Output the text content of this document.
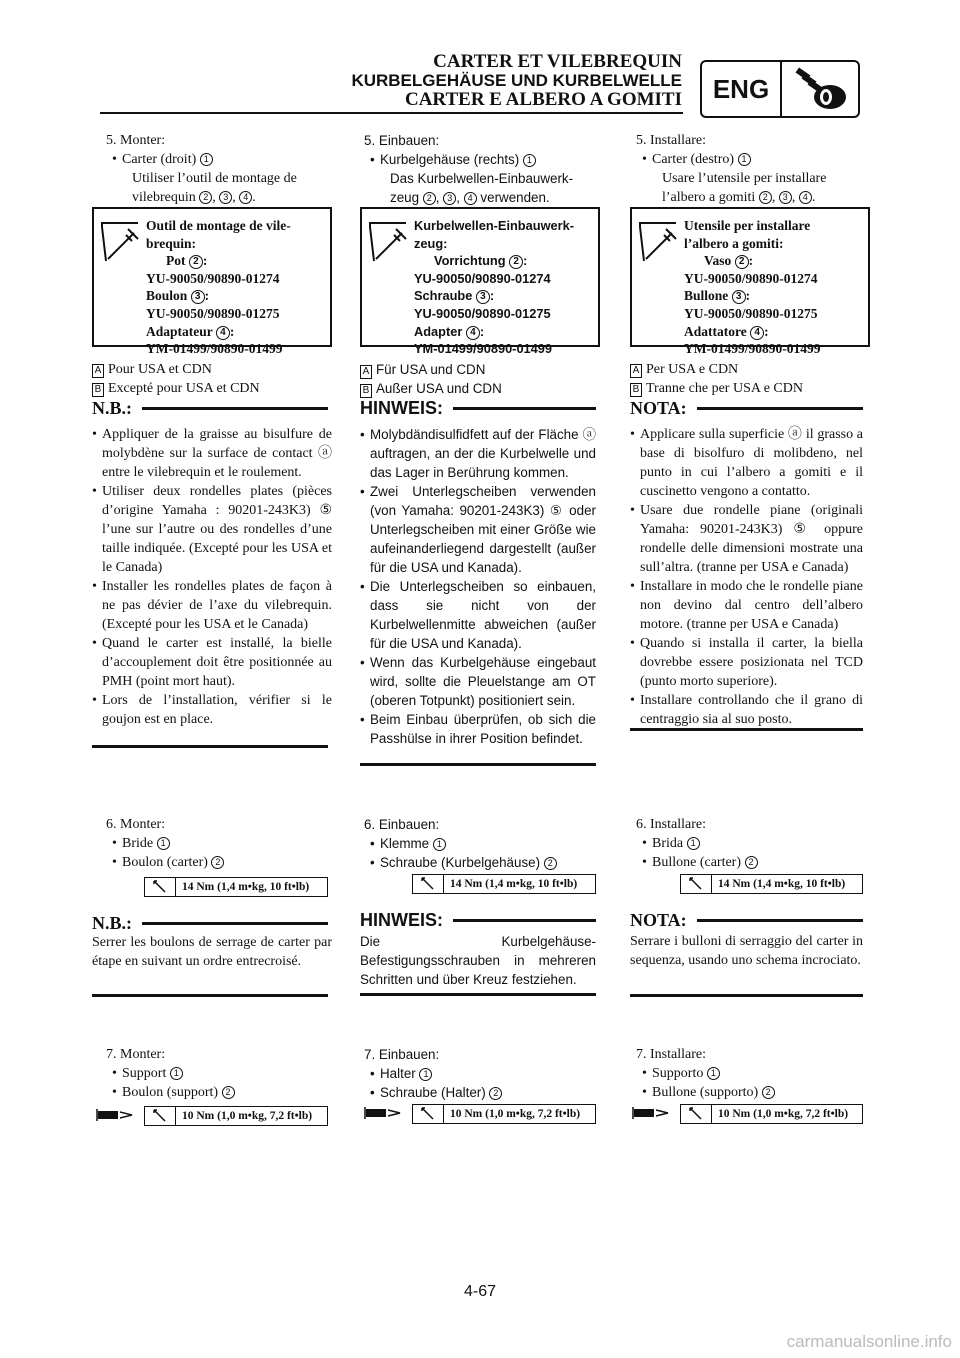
CARTER ET VILEBREQUIN
KURBELGEHÄUSE UND KURBELWELLE
CARTER E ALBERO A GOMITI	ENG
5. Monter:
• Carter (droit) 1
Utiliser l’outil de montage de
vilebrequin 2 , 3 , 4 .
Outil de montage de vile-
brequin:
Pot 2 :
YU-90050/90890-01274
Boulon 3 :
YU-90050/90890-01275
Adaptateur 4 :
YM-01499/90890-01499
A Pour USA et CDN
B Excepté pour USA et CDN
N.B.:
• Appliquer de la graisse au bisulfure de molybdène sur la surface de contact ⓐ entre le vilebrequin et le roulement.
• Utiliser deux rondelles plates (pièces d’origine Yamaha : 90201-243K3) ⑤ l’une sur l’autre ou des rondelles d’une taille indiquée. (Excepté pour les USA et le Canada)
• Installer les rondelles plates de façon à ne pas dévier de l’axe du vilebrequin. (Excepté pour les USA et le Canada)
• Quand le carter est installé, la bielle d’accouplement doit être positionnée au PMH (point mort haut).
• Lors de l’installation, vérifier si le goujon est en place.
6. Monter:
• Bride 1
• Boulon (carter) 2
14 Nm (1,4 m•kg, 10 ft•lb)
N.B.:
Serrer les boulons de serrage de carter par étape en suivant un ordre entrecroisé.
7. Monter:
• Support 1
• Boulon (support) 2
10 Nm (1,0 m•kg, 7,2 ft•lb)
5. Einbauen:
• Kurbelgehäuse (rechts) 1
Das Kurbelwellen-Einbauwerk-
zeug 2 , 3 , 4 verwenden.
Kurbelwellen-Einbauwerk-
zeug:
Vorrichtung 2 :
YU-90050/90890-01274
Schraube 3 :
YU-90050/90890-01275
Adapter 4 :
YM-01499/90890-01499
A Für USA und CDN
B Außer USA und CDN
HINWEIS:
• Molybdändisulfidfett auf der Fläche ⓐ auftragen, an der die Kurbelwelle und das Lager in Berührung kommen.
• Zwei Unterlegscheiben verwenden (von Yamaha: 90201-243K3) ⑤ oder Unterlegscheiben mit einer Größe wie aufeinanderliegend dargestellt (außer für die USA und Kanada).
• Die Unterlegscheiben so einbauen, dass sie nicht von der Kurbelwellenmitte abweichen (außer für die USA und Kanada).
• Wenn das Kurbelgehäuse eingebaut wird, sollte die Pleuelstange am OT (oberen Totpunkt) positioniert sein.
• Beim Einbau überprüfen, ob sich die Passhülse in ihrer Position befindet.
6. Einbauen:
• Klemme 1
• Schraube (Kurbelgehäuse) 2
14 Nm (1,4 m•kg, 10 ft•lb)
HINWEIS:
Die Kurbelgehäuse-Befestigungsschrauben in mehreren Schritten und über Kreuz festziehen.
7. Einbauen:
• Halter 1
• Schraube (Halter) 2
10 Nm (1,0 m•kg, 7,2 ft•lb)
5. Installare:
• Carter (destro) 1
Usare l’utensile per installare
l’albero a gomiti 2 , 3 , 4 .
Utensile per installare
l’albero a gomiti:
Vaso 2 :
YU-90050/90890-01274
Bullone 3 :
YU-90050/90890-01275
Adattatore 4 :
YM-01499/90890-01499
A Per USA e CDN
B Tranne che per USA e CDN
NOTA:
• Applicare sulla superficie ⓐ il grasso a base di bisolfuro di molibdeno, nel punto in cui l’albero a gomiti e il cuscinetto vengono a contatto.
• Usare due rondelle piane (originali Yamaha: 90201-243K3) ⑤ oppure rondelle delle dimensioni mostrate una sull’altra. (tranne per USA e Canada)
• Installare in modo che le rondelle piane non devino dal centro dell’albero motore. (tranne per USA e Canada)
• Quando si installa il carter, la biella dovrebbe essere posizionata nel TCD (punto morto superiore).
• Installare controllando che il grano di centraggio sia al suo posto.
6. Installare:
• Brida 1
• Bullone (carter) 2
14 Nm (1,4 m•kg, 10 ft•lb)
NOTA:
Serrare i bulloni di serraggio del carter in sequenza, usando uno schema incrociato.
7. Installare:
• Supporto 1
• Bullone (supporto) 2
10 Nm (1,0 m•kg, 7,2 ft•lb)
4-67
carmanualsonline.info
